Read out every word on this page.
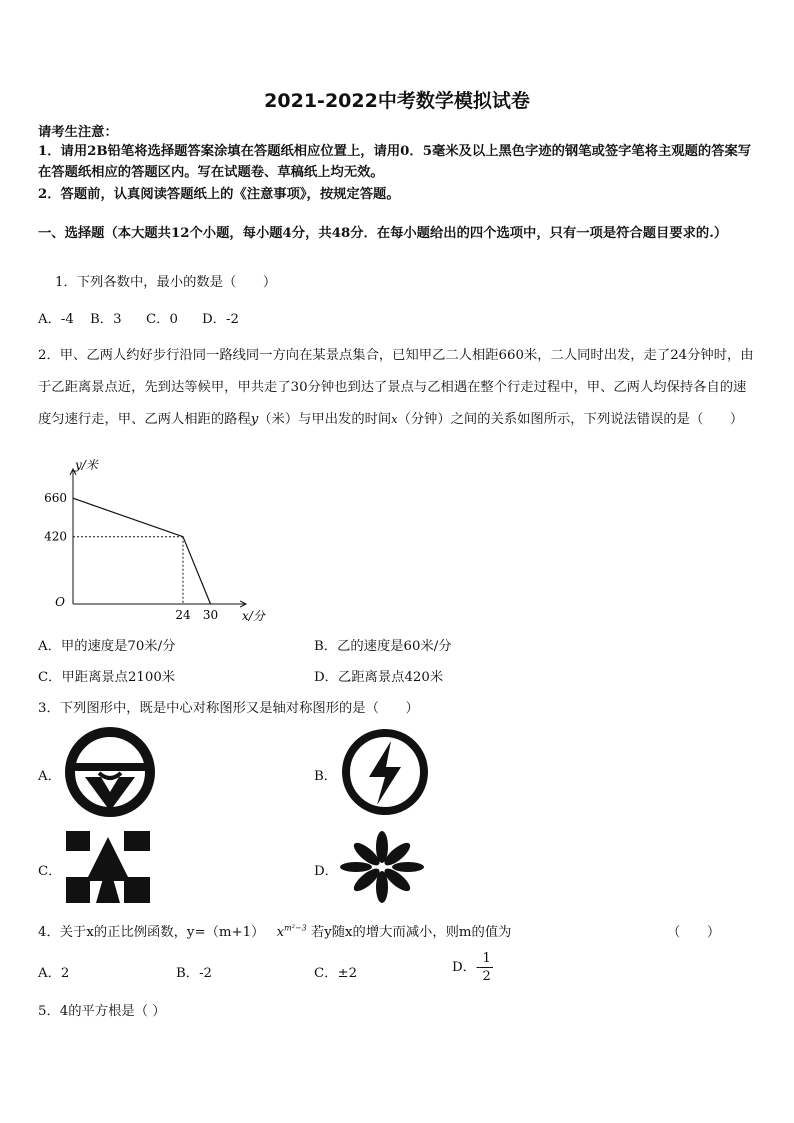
2021-2022中考数学模拟试卷
请考生注意：
1．请用2B铅笔将选择题答案涂填在答题纸相应位置上，请用0．5毫米及以上黑色字迹的钢笔或签字笔将主观题的答案写在答题纸相应的答题区内。写在试题卷、草稿纸上均无效。
2．答题前，认真阅读答题纸上的《注意事项》，按规定答题。
一、选择题（本大题共12个小题，每小题4分，共48分．在每小题给出的四个选项中，只有一项是符合题目要求的.）
1．下列各数中，最小的数是（　　）
A．-4 B．3 C．0 D．-2
2．甲、乙两人约好步行沿同一路线同一方向在某景点集合，已知甲乙二人相距660米，二人同时出发，走了24分钟时，由于乙距离景点近，先到达等候甲，甲共走了30分钟也到达了景点与乙相遇在整个行走过程中，甲、乙两人均保持各自的速度匀速行走，甲、乙两人相距的路程y（米）与甲出发的时间x（分钟）之间的关系如图所示，下列说法错误的是（　　）
660
420
24 30
O
y/米
x/分
A．甲的速度是70米/分	B．乙的速度是60米/分
C．甲距离景点2100米	D．乙距离景点420米
3．下列图形中，既是中心对称图形又是轴对称图形的是（　　）
A．	B．
C．	D．
4．关于x的正比例函数，y=（m+1） $x^{m^2-3}$ 若y随x的增大而减小，则m的值为	（　　）
A．2	B．-2	C．±2	D．- $\frac{1}{2}$
5．4的平方根是（ ）
